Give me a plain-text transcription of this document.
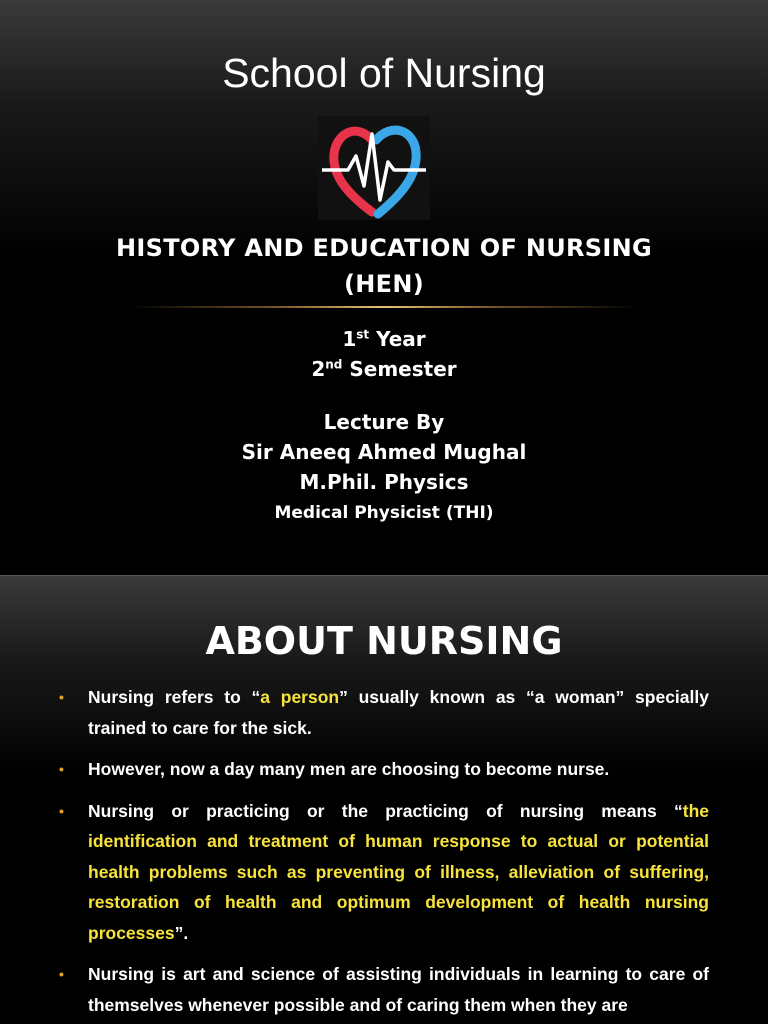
School of Nursing
HISTORY AND EDUCATION OF NURSING
(HEN)
1st Year
2nd Semester
Lecture By
Sir Aneeq Ahmed Mughal
M.Phil. Physics
Medical Physicist (THI)
ABOUT NURSING
• Nursing refers to “a person” usually known as “a woman” specially trained to care for the sick.
• However, now a day many men are choosing to become nurse.
• Nursing or practicing or the practicing of nursing means “the identification and treatment of human response to actual or potential health problems such as preventing of illness, alleviation of suffering, restoration of health and optimum development of health nursing processes”.
• Nursing is art and science of assisting individuals in learning to care of themselves whenever possible and of caring them when they are
